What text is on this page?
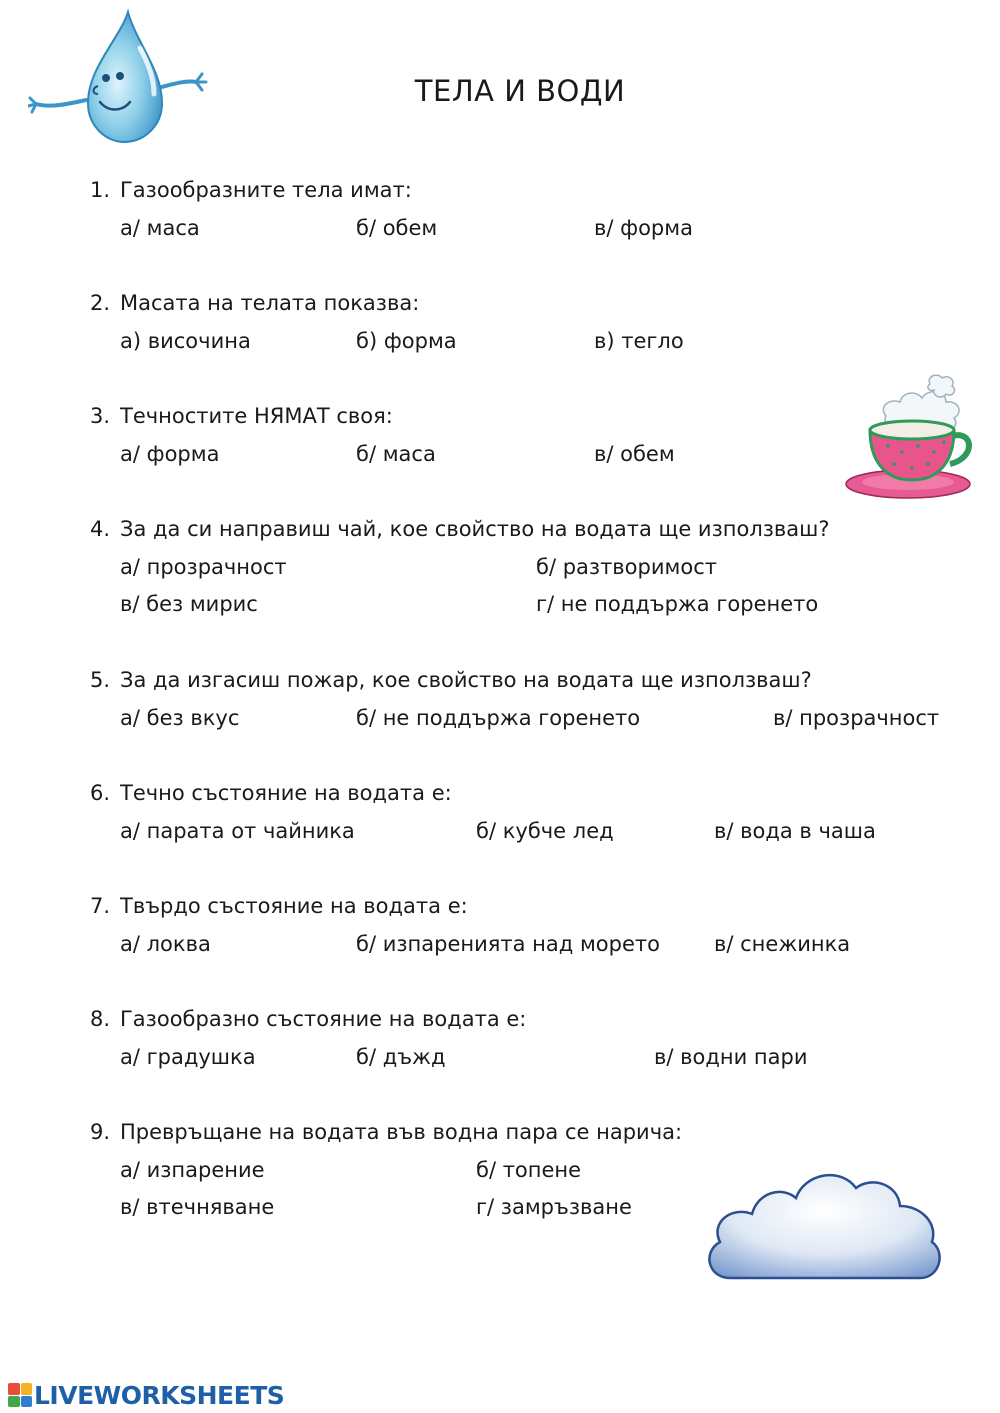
ТЕЛА И ВОДИ
1. Газообразните тела имат:
а/ маса	б/ обем	в/ форма
2. Масата на телата показва:
а) височина	б) форма	в) тегло
3. Течностите НЯМАТ своя:
а/ форма	б/ маса	в/ обем
4. За да си направиш чай, кое свойство на водата ще използваш?
а/ прозрачност	б/ разтворимост
в/ без мирис	г/ не поддържа горенето
5. За да изгасиш пожар, кое свойство на водата ще използваш?
а/ без вкус	б/ не поддържа горенето	в/ прозрачност
6. Течно състояние на водата е:
а/ парата от чайника	б/ кубче лед	в/ вода в чаша
7. Твърдо състояние на водата е:
а/ локва	б/ изпаренията над морето	в/ снежинка
8. Газообразно състояние на водата е:
а/ градушка	б/ дъжд	в/ водни пари
9. Превръщане на водата във водна пара се нарича:
а/ изпарение	б/ топене
в/ втечняване	г/ замръзване
LIVEWORKSHEETS
